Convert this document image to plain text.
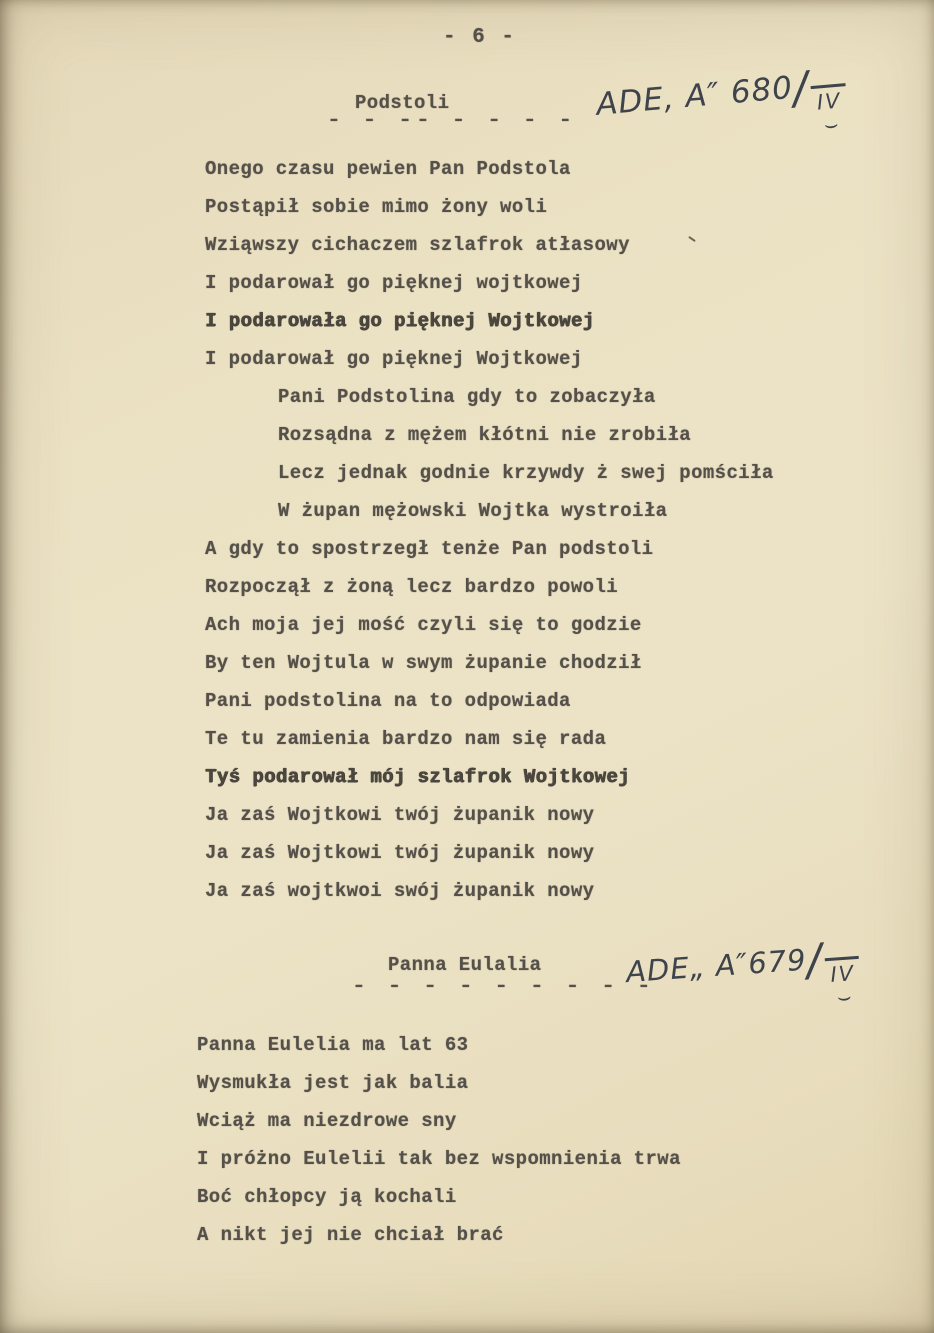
- 6 -
Podstoli
- - -- - - - - ADE, A″ 680/ IV ⌣
Onego czasu pewien Pan Podstola
Postąpił sobie mimo żony woli
Wziąwszy cichaczem szlafrok atłasowy
I podarował go pięknej wojtkowej
I podarowała go pięknej Wojtkowej
I podarował go pięknej Wojtkowej
Pani Podstolina gdy to zobaczyła
Rozsądna z mężem kłótni nie zrobiła
Lecz jednak godnie krzywdy ż swej pomściła
W żupan mężowski Wojtka wystroiła
A gdy to spostrzegł tenże Pan podstoli
Rozpoczął z żoną lecz bardzo powoli
Ach moja jej mość czyli się to godzie
By ten Wojtula w swym żupanie chodził
Pani podstolina na to odpowiada
Te tu zamienia bardzo nam się rada
Tyś podarował mój szlafrok Wojtkowej
Ja zaś Wojtkowi twój żupanik nowy
Ja zaś Wojtkowi twój żupanik nowy
Ja zaś wojtkwoi swój żupanik nowy
Panna Eulalia
- - - - - - - - -
ADE„ A″679/ IV ⌣
Panna Eulelia ma lat 63
Wysmukła jest jak balia
Wciąż ma niezdrowe sny
I próżno Eulelii tak bez wspomnienia trwa
Boć chłopcy ją kochali
A nikt jej nie chciał brać
